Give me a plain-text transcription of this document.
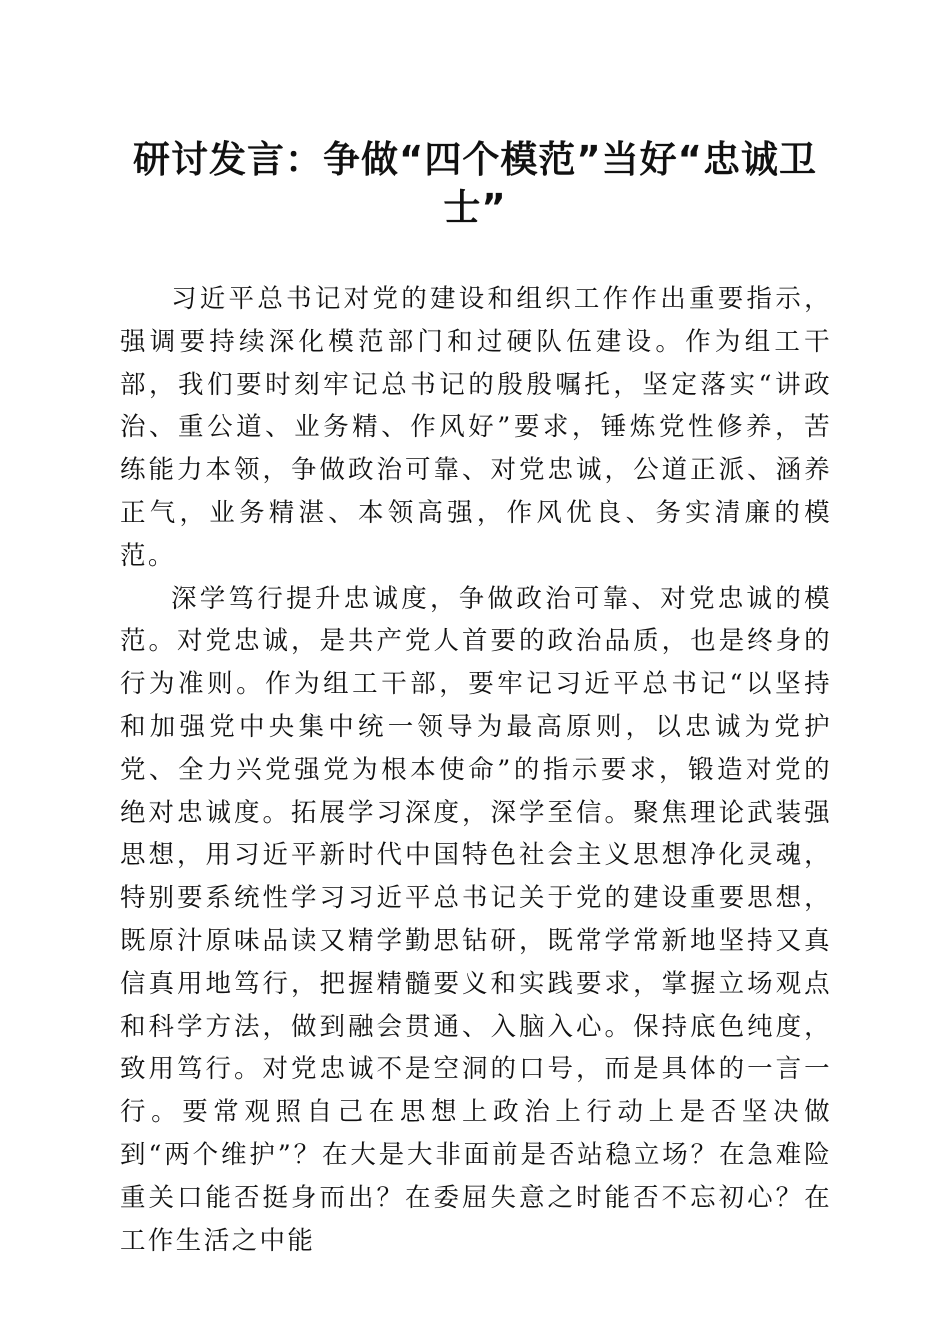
研讨发言：争做“四个模范”当好“忠诚卫士”

习近平总书记对党的建设和组织工作作出重要指示，强调要持续深化模范部门和过硬队伍建设。作为组工干部，我们要时刻牢记总书记的殷殷嘱托，坚定落实“讲政治、重公道、业务精、作风好”要求，锤炼党性修养，苦练能力本领，争做政治可靠、对党忠诚，公道正派、涵养正气，业务精湛、本领高强，作风优良、务实清廉的模范。

深学笃行提升忠诚度，争做政治可靠、对党忠诚的模范。对党忠诚，是共产党人首要的政治品质，也是终身的行为准则。作为组工干部，要牢记习近平总书记“以坚持和加强党中央集中统一领导为最高原则，以忠诚为党护党、全力兴党强党为根本使命”的指示要求，锻造对党的绝对忠诚度。拓展学习深度，深学至信。聚焦理论武装强思想，用习近平新时代中国特色社会主义思想净化灵魂，特别要系统性学习习近平总书记关于党的建设重要思想，既原汁原味品读又精学勤思钻研，既常学常新地坚持又真信真用地笃行，把握精髓要义和实践要求，掌握立场观点和科学方法，做到融会贯通、入脑入心。保持底色纯度，致用笃行。对党忠诚不是空洞的口号，而是具体的一言一行。要常观照自己在思想上政治上行动上是否坚决做到“两个维护”？在大是大非面前是否站稳立场？在急难险重关口能否挺身而出？在委屈失意之时能否不忘初心？在工作生活之中能
